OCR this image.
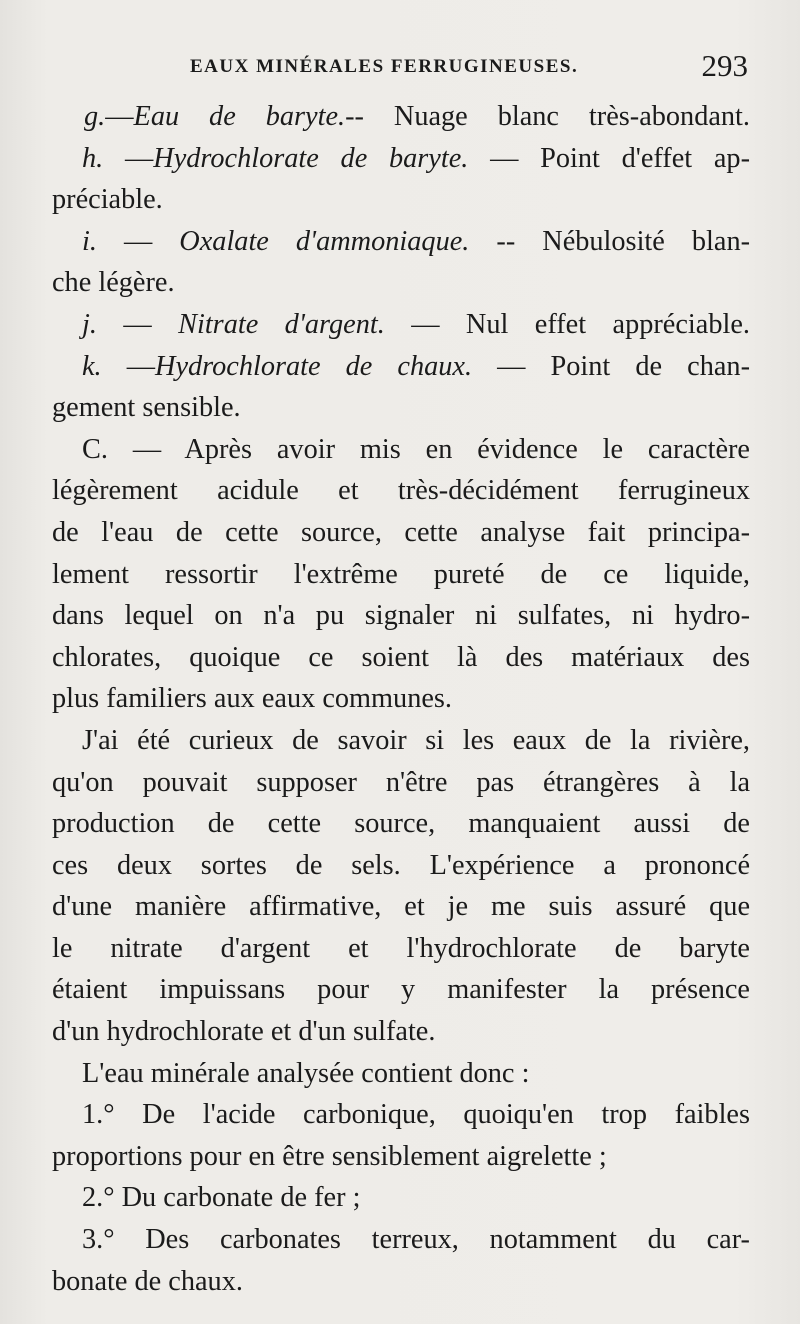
EAUX MINÉRALES FERRUGINEUSES.	293
g.—Eau de baryte.-- Nuage blanc très-abondant.
h. —Hydrochlorate de baryte. — Point d'effet ap-
préciable.
i. — Oxalate d'ammoniaque. -- Nébulosité blan-
che légère.
j. — Nitrate d'argent. — Nul effet appréciable.
k. —Hydrochlorate de chaux. — Point de chan-
gement sensible.
C. — Après avoir mis en évidence le caractère
légèrement acidule et très-décidément ferrugineux
de l'eau de cette source, cette analyse fait principa-
lement ressortir l'extrême pureté de ce liquide,
dans lequel on n'a pu signaler ni sulfates, ni hydro-
chlorates, quoique ce soient là des matériaux des
plus familiers aux eaux communes.
J'ai été curieux de savoir si les eaux de la rivière,
qu'on pouvait supposer n'être pas étrangères à la
production de cette source, manquaient aussi de
ces deux sortes de sels. L'expérience a prononcé
d'une manière affirmative, et je me suis assuré que
le nitrate d'argent et l'hydrochlorate de baryte
étaient impuissans pour y manifester la présence
d'un hydrochlorate et d'un sulfate.
L'eau minérale analysée contient donc :
1.° De l'acide carbonique, quoiqu'en trop faibles
proportions pour en être sensiblement aigrelette ;
2.° Du carbonate de fer ;
3.° Des carbonates terreux, notamment du car-
bonate de chaux.
